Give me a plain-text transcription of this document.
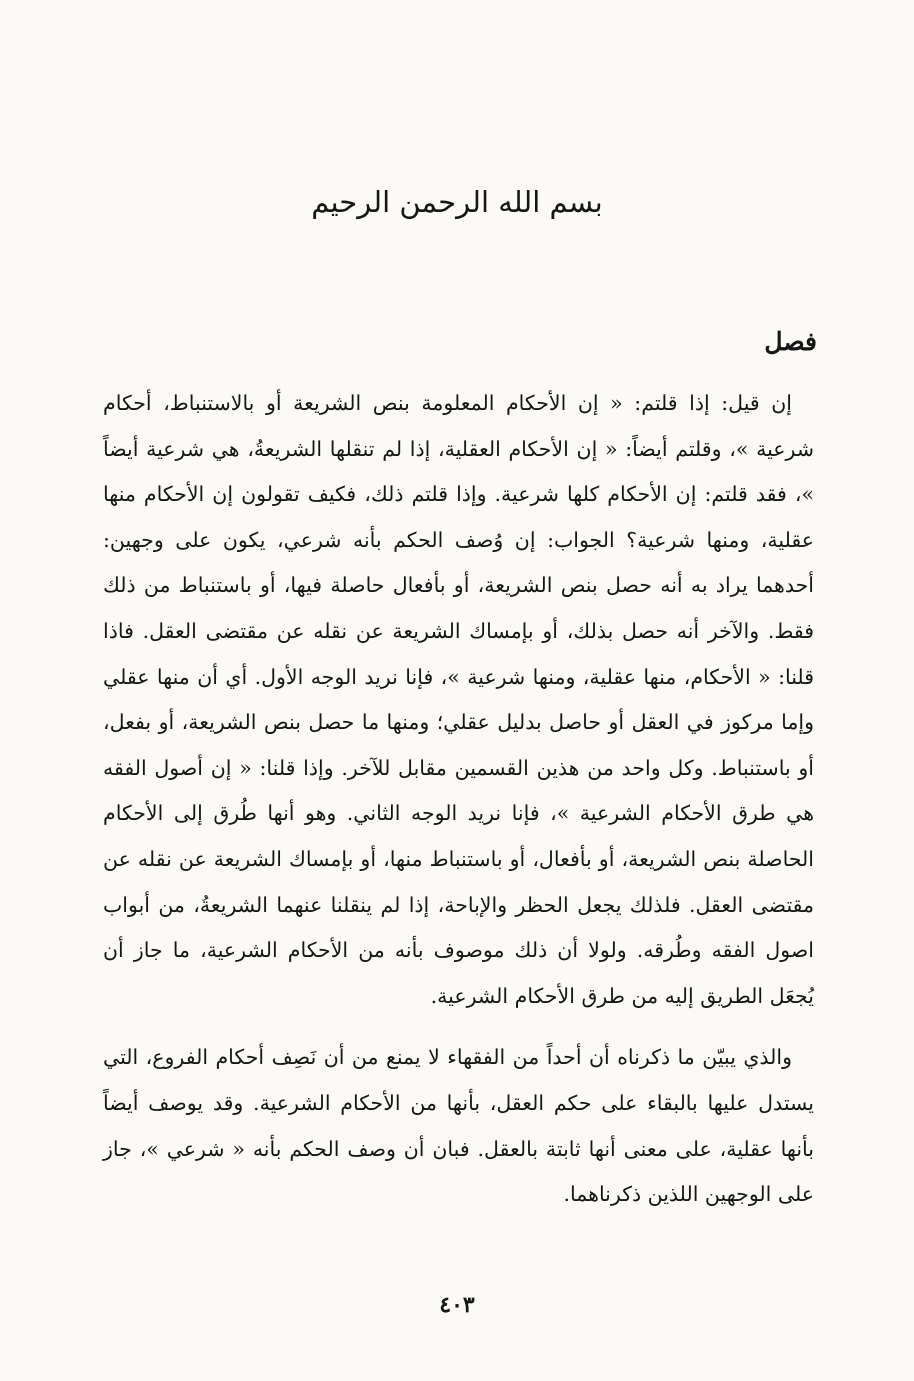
بسم الله الرحمن الرحيم
فصل

إن قيل: إذا قلتم: « إن الأحكام المعلومة بنص الشريعة أو بالاستنباط، أحكام شرعية »، وقلتم أيضاً: « إن الأحكام العقلية، إذا لم تنقلها الشريعةُ، هي شرعية أيضاً »، فقد قلتم: إن الأحكام كلها شرعية. وإذا قلتم ذلك، فكيف تقولون إن الأحكام منها عقلية، ومنها شرعية؟ الجواب: إن وُصف الحكم بأنه شرعي، يكون على وجهين: أحدهما يراد به أنه حصل بنص الشريعة، أو بأفعال حاصلة فيها، أو باستنباط من ذلك فقط. والآخر أنه حصل بذلك، أو بإمساك الشريعة عن نقله عن مقتضى العقل. فاذا قلنا: « الأحكام، منها عقلية، ومنها شرعية »، فإنا نريد الوجه الأول. أي أن منها عقلي وإما مركوز في العقل أو حاصل بدليل عقلي؛ ومنها ما حصل بنص الشريعة، أو بفعل، أو باستنباط. وكل واحد من هذين القسمين مقابل للآخر. وإذا قلنا: « إن أصول الفقه هي طرق الأحكام الشرعية »، فإنا نريد الوجه الثاني. وهو أنها طُرق إلى الأحكام الحاصلة بنص الشريعة، أو بأفعال، أو باستنباط منها، أو بإمساك الشريعة عن نقله عن مقتضى العقل. فلذلك يجعل الحظر والإباحة، إذا لم ينقلنا عنهما الشريعةُ، من أبواب اصول الفقه وطُرقه. ولولا أن ذلك موصوف بأنه من الأحكام الشرعية، ما جاز أن يُجعَل الطريق إليه من طرق الأحكام الشرعية.

والذي يبيّن ما ذكرناه أن أحداً من الفقهاء لا يمنع من أن نَصِف أحكام الفروع، التي يستدل عليها بالبقاء على حكم العقل، بأنها من الأحكام الشرعية. وقد يوصف أيضاً بأنها عقلية، على معنى أنها ثابتة بالعقل. فبان أن وصف الحكم بأنه « شرعي »، جاز على الوجهين اللذين ذكرناهما.

٤٠٣
